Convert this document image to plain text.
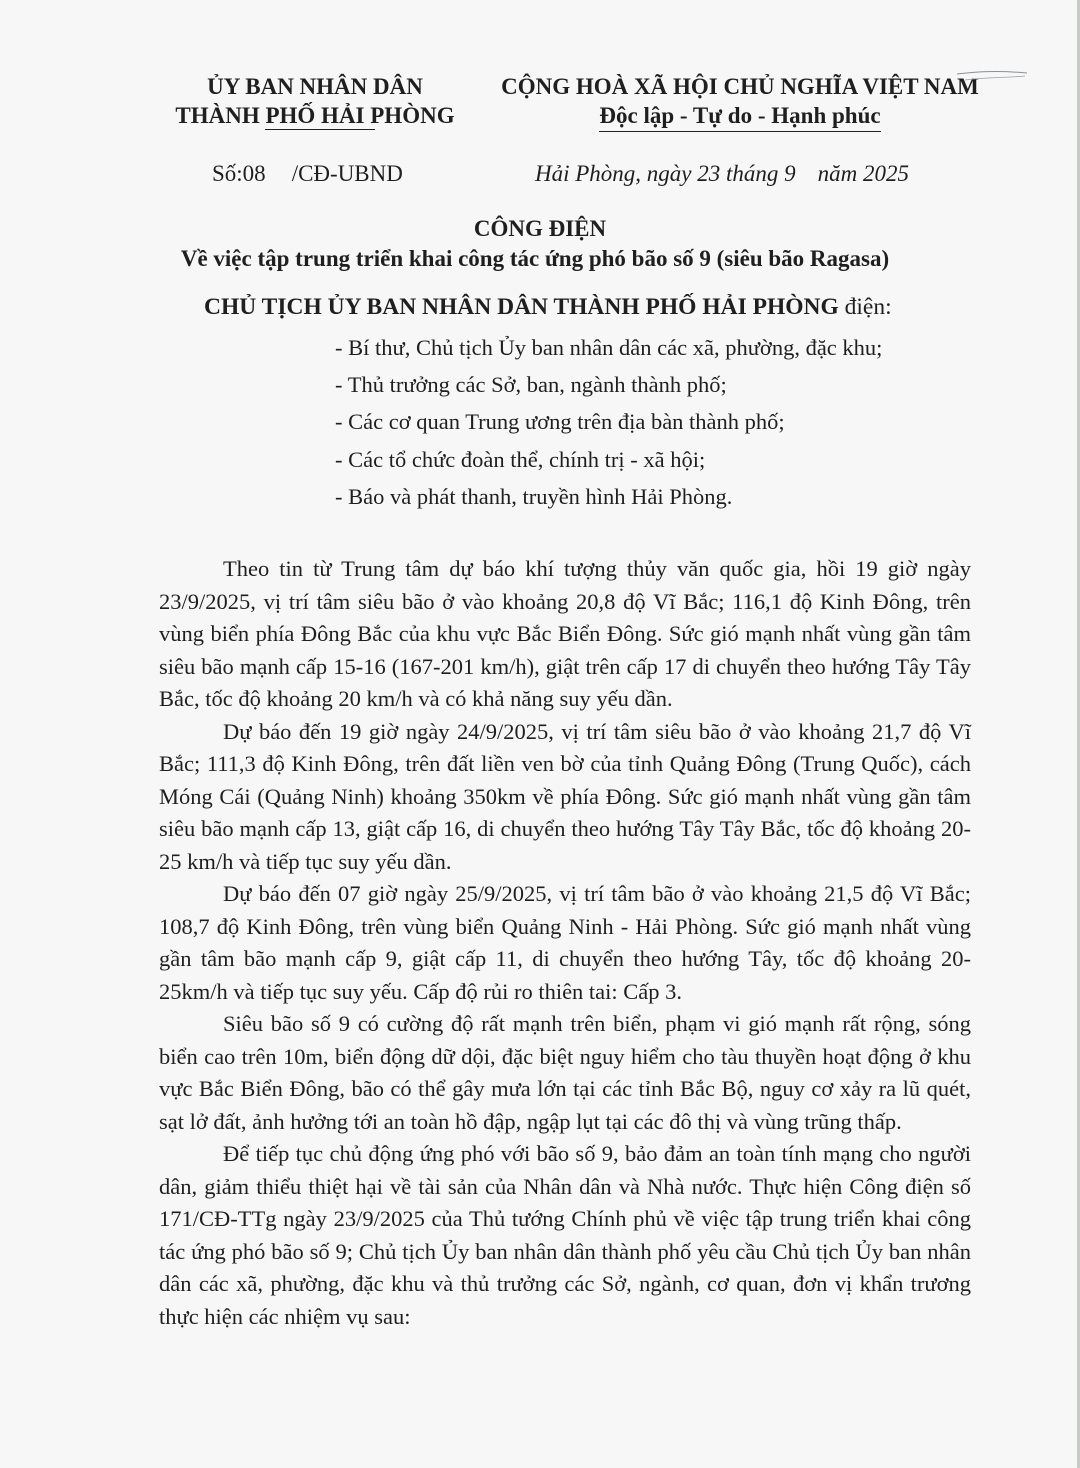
ỦY BAN NHÂN DÂN
THÀNH PHỐ HẢI PHÒNG
CỘNG HOÀ XÃ HỘI CHỦ NGHĨA VIỆT NAM
Độc lập - Tự do - Hạnh phúc
Số:08 /CĐ-UBND	Hải Phòng, ngày 23 tháng 9 năm 2025
CÔNG ĐIỆN
Về việc tập trung triển khai công tác ứng phó bão số 9 (siêu bão Ragasa)
CHỦ TỊCH ỦY BAN NHÂN DÂN THÀNH PHỐ HẢI PHÒNG điện:
- Bí thư, Chủ tịch Ủy ban nhân dân các xã, phường, đặc khu;
- Thủ trưởng các Sở, ban, ngành thành phố;
- Các cơ quan Trung ương trên địa bàn thành phố;
- Các tổ chức đoàn thể, chính trị - xã hội;
- Báo và phát thanh, truyền hình Hải Phòng.

Theo tin từ Trung tâm dự báo khí tượng thủy văn quốc gia, hồi 19 giờ ngày 23/9/2025, vị trí tâm siêu bão ở vào khoảng 20,8 độ Vĩ Bắc; 116,1 độ Kinh Đông, trên vùng biển phía Đông Bắc của khu vực Bắc Biển Đông. Sức gió mạnh nhất vùng gần tâm siêu bão mạnh cấp 15-16 (167-201 km/h), giật trên cấp 17 di chuyển theo hướng Tây Tây Bắc, tốc độ khoảng 20 km/h và có khả năng suy yếu dần.

Dự báo đến 19 giờ ngày 24/9/2025, vị trí tâm siêu bão ở vào khoảng 21,7 độ Vĩ Bắc; 111,3 độ Kinh Đông, trên đất liền ven bờ của tỉnh Quảng Đông (Trung Quốc), cách Móng Cái (Quảng Ninh) khoảng 350km về phía Đông. Sức gió mạnh nhất vùng gần tâm siêu bão mạnh cấp 13, giật cấp 16, di chuyển theo hướng Tây Tây Bắc, tốc độ khoảng 20-25 km/h và tiếp tục suy yếu dần.

Dự báo đến 07 giờ ngày 25/9/2025, vị trí tâm bão ở vào khoảng 21,5 độ Vĩ Bắc; 108,7 độ Kinh Đông, trên vùng biển Quảng Ninh - Hải Phòng. Sức gió mạnh nhất vùng gần tâm bão mạnh cấp 9, giật cấp 11, di chuyển theo hướng Tây, tốc độ khoảng 20-25km/h và tiếp tục suy yếu. Cấp độ rủi ro thiên tai: Cấp 3.

Siêu bão số 9 có cường độ rất mạnh trên biển, phạm vi gió mạnh rất rộng, sóng biển cao trên 10m, biển động dữ dội, đặc biệt nguy hiểm cho tàu thuyền hoạt động ở khu vực Bắc Biển Đông, bão có thể gây mưa lớn tại các tỉnh Bắc Bộ, nguy cơ xảy ra lũ quét, sạt lở đất, ảnh hưởng tới an toàn hồ đập, ngập lụt tại các đô thị và vùng trũng thấp.

Để tiếp tục chủ động ứng phó với bão số 9, bảo đảm an toàn tính mạng cho người dân, giảm thiểu thiệt hại về tài sản của Nhân dân và Nhà nước. Thực hiện Công điện số 171/CĐ-TTg ngày 23/9/2025 của Thủ tướng Chính phủ về việc tập trung triển khai công tác ứng phó bão số 9; Chủ tịch Ủy ban nhân dân thành phố yêu cầu Chủ tịch Ủy ban nhân dân các xã, phường, đặc khu và thủ trưởng các Sở, ngành, cơ quan, đơn vị khẩn trương thực hiện các nhiệm vụ sau:
